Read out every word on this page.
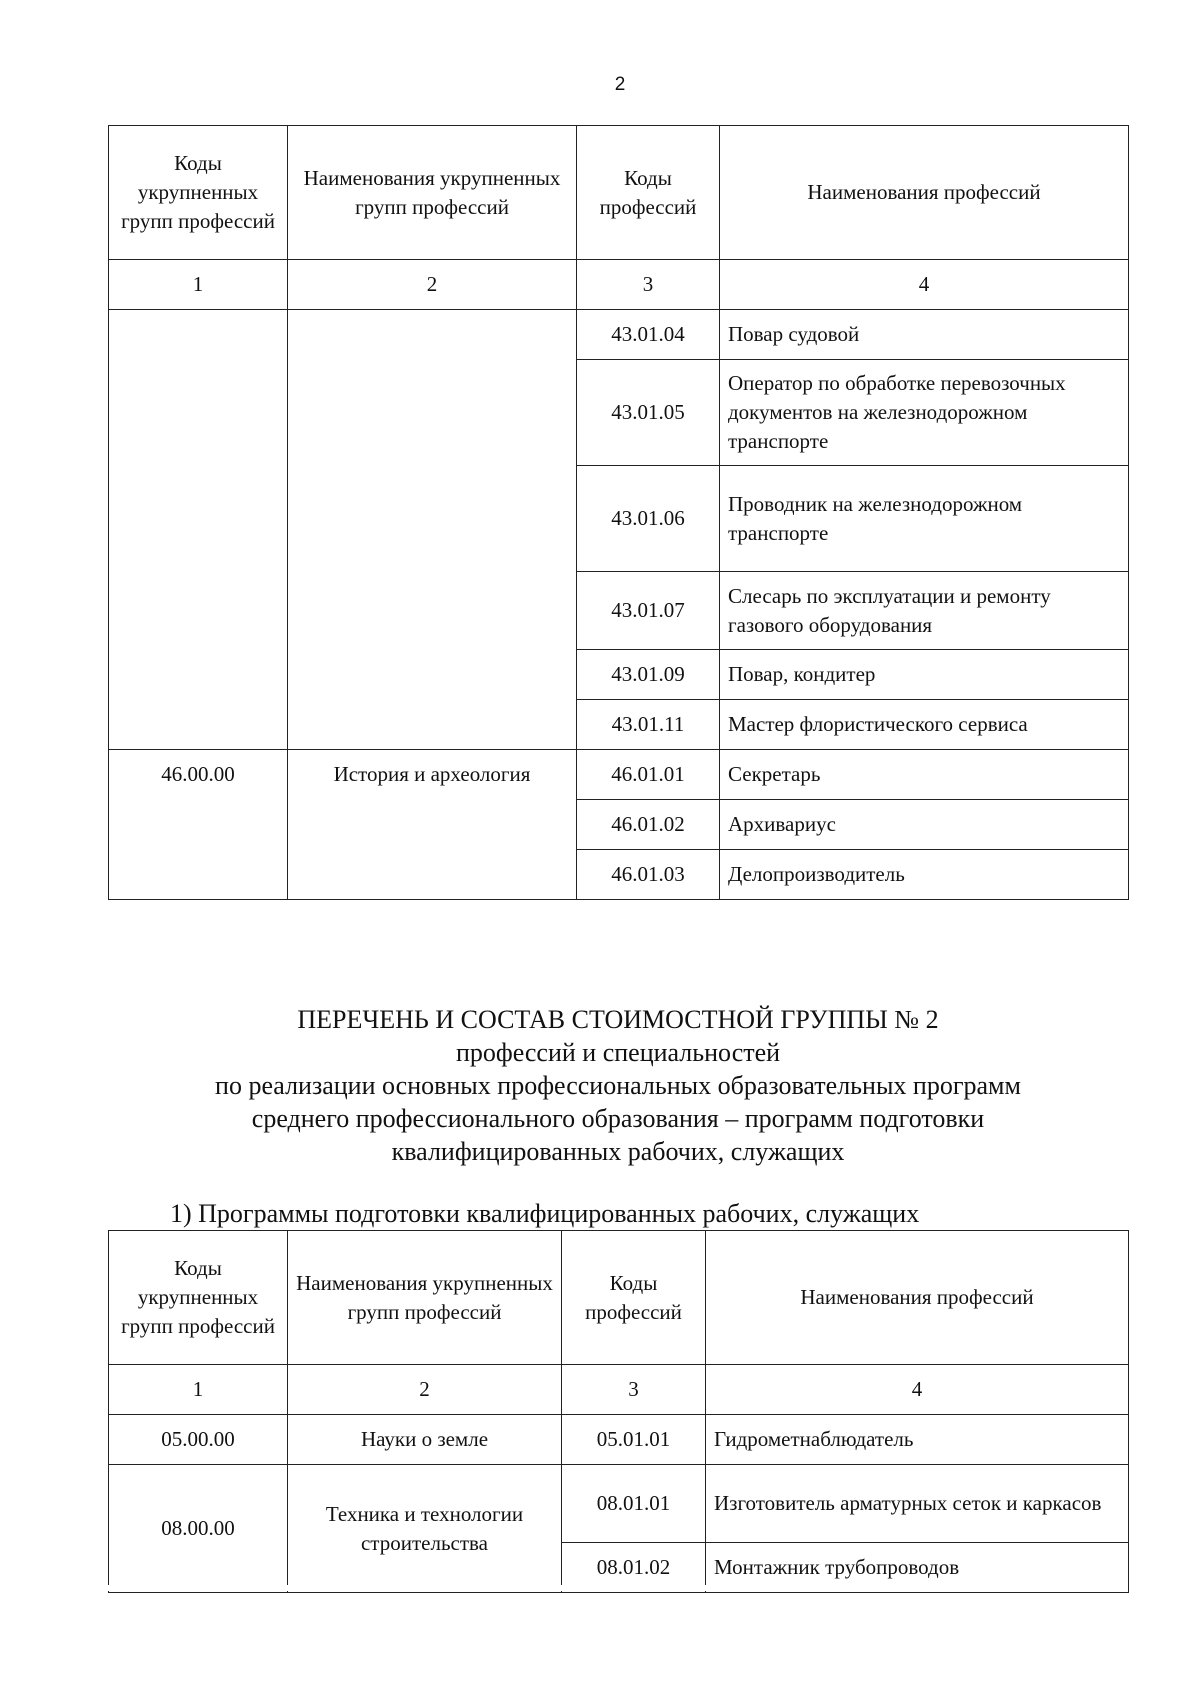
2
Коды укрупненных групп профессий	Наименования укрупненных групп профессий	Коды профессий	Наименования профессий
1	2	3	4
		43.01.04	Повар судовой
		43.01.05	Оператор по обработке перевозочных документов на железнодорожном транспорте
		43.01.06	Проводник на железнодорожном транспорте
		43.01.07	Слесарь по эксплуатации и ремонту газового оборудования
		43.01.09	Повар, кондитер
		43.01.11	Мастер флористического сервиса
46.00.00	История и археология	46.01.01	Секретарь
		46.01.02	Архивариус
		46.01.03	Делопроизводитель
ПЕРЕЧЕНЬ И СОСТАВ СТОИМОСТНОЙ ГРУППЫ № 2
профессий и специальностей
по реализации основных профессиональных образовательных программ
среднего профессионального образования – программ подготовки
квалифицированных рабочих, служащих
1) Программы подготовки квалифицированных рабочих, служащих
Коды укрупненных групп профессий	Наименования укрупненных групп профессий	Коды профессий	Наименования профессий
1	2	3	4
05.00.00	Науки о земле	05.01.01	Гидрометнаблюдатель
08.00.00	Техника и технологии строительства	08.01.01	Изготовитель арматурных сеток и каркасов
		08.01.02	Монтажник трубопроводов
